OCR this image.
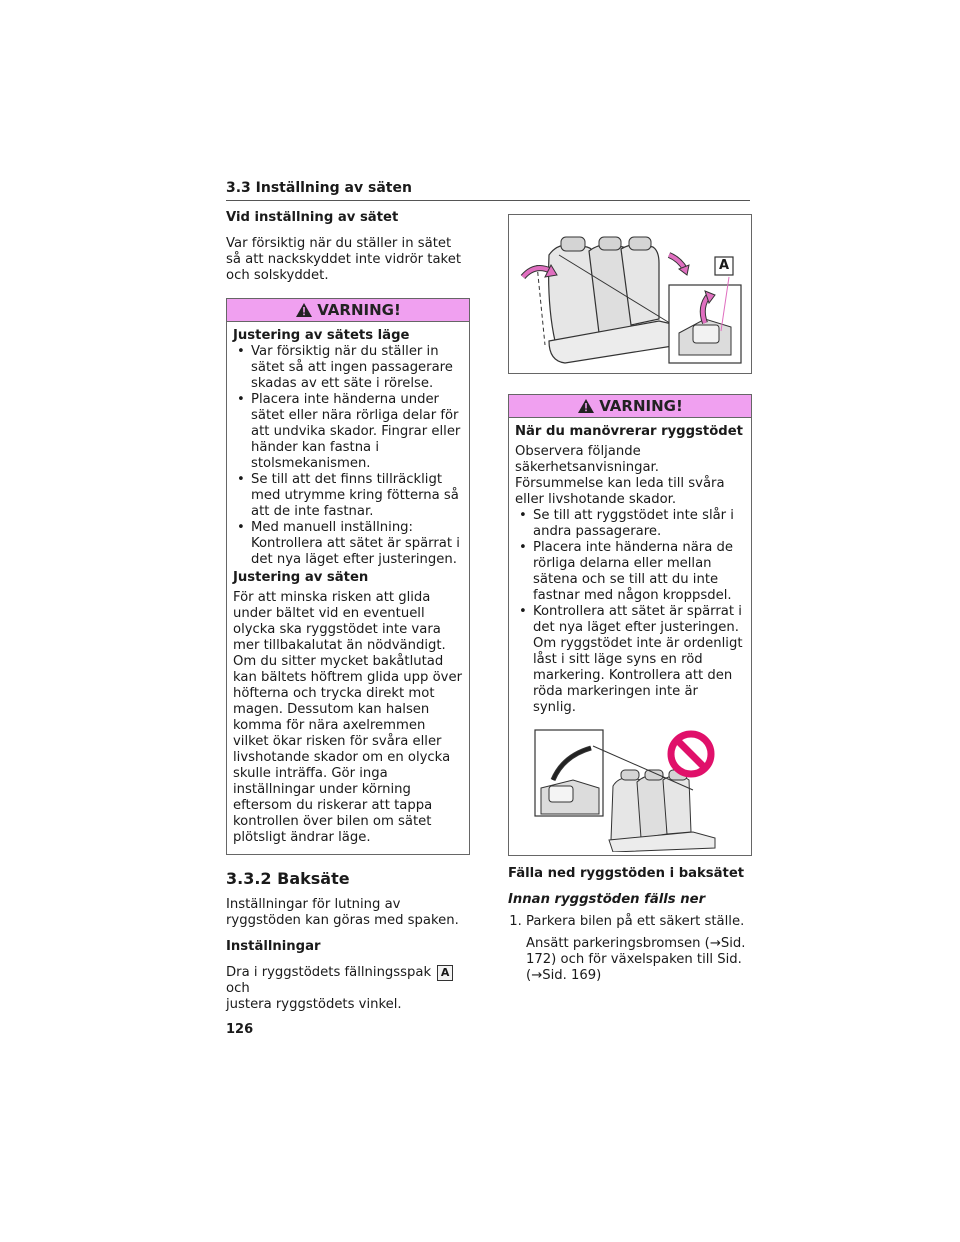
3.3 Inställning av säten

Vid inställning av sätet

Var försiktig när du ställer in sätet så att nackskyddet inte vidrör taket och solskyddet.

VARNING!

Justering av sätets läge

• Var försiktig när du ställer in sätet så att ingen passagerare skadas av ett säte i rörelse.
• Placera inte händerna under sätet eller nära rörliga delar för att undvika skador. Fingrar eller händer kan fastna i stolsmekanismen.
• Se till att det finns tillräckligt med utrymme kring fötterna så att de inte fastnar.
• Med manuell inställning: Kontrollera att sätet är spärrat i det nya läget efter justeringen.

Justering av säten

För att minska risken att glida under bältet vid en eventuell olycka ska ryggstödet inte vara mer tillbakalutat än nödvändigt. Om du sitter mycket bakåtlutad kan bältets höftrem glida upp över höfterna och trycka direkt mot magen. Dessutom kan halsen komma för nära axelremmen vilket ökar risken för svåra eller livshotande skador om en olycka skulle inträffa. Gör inga inställningar under körning eftersom du riskerar att tappa kontrollen över bilen om sätet plötsligt ändrar läge.

3.3.2 Baksäte

Inställningar för lutning av ryggstöden kan göras med spaken.

Inställningar

Dra i ryggstödets fällningsspak Aoch
justera ryggstödets vinkel.

A
VARNING!

När du manövrerar ryggstödet

Observera följande säkerhetsanvisningar. Försummelse kan leda till svåra eller livshotande skador.

• Se till att ryggstödet inte slår i andra passagerare.
• Placera inte händerna nära de rörliga delarna eller mellan sätena och se till att du inte fastnar med någon kroppsdel.
• Kontrollera att sätet är spärrat i det nya läget efter justeringen. Om ryggstödet inte är ordenligt låst i sitt läge syns en röd markering. Kontrollera att den röda markeringen inte är synlig.

Fälla ned ryggstöden i baksätet

Innan ryggstöden fälls ner

1. Parkera bilen på ett säkert ställe.

Ansätt parkeringsbromsen (→Sid. 172) och för växelspaken till Sid. (→Sid. 169)

126
